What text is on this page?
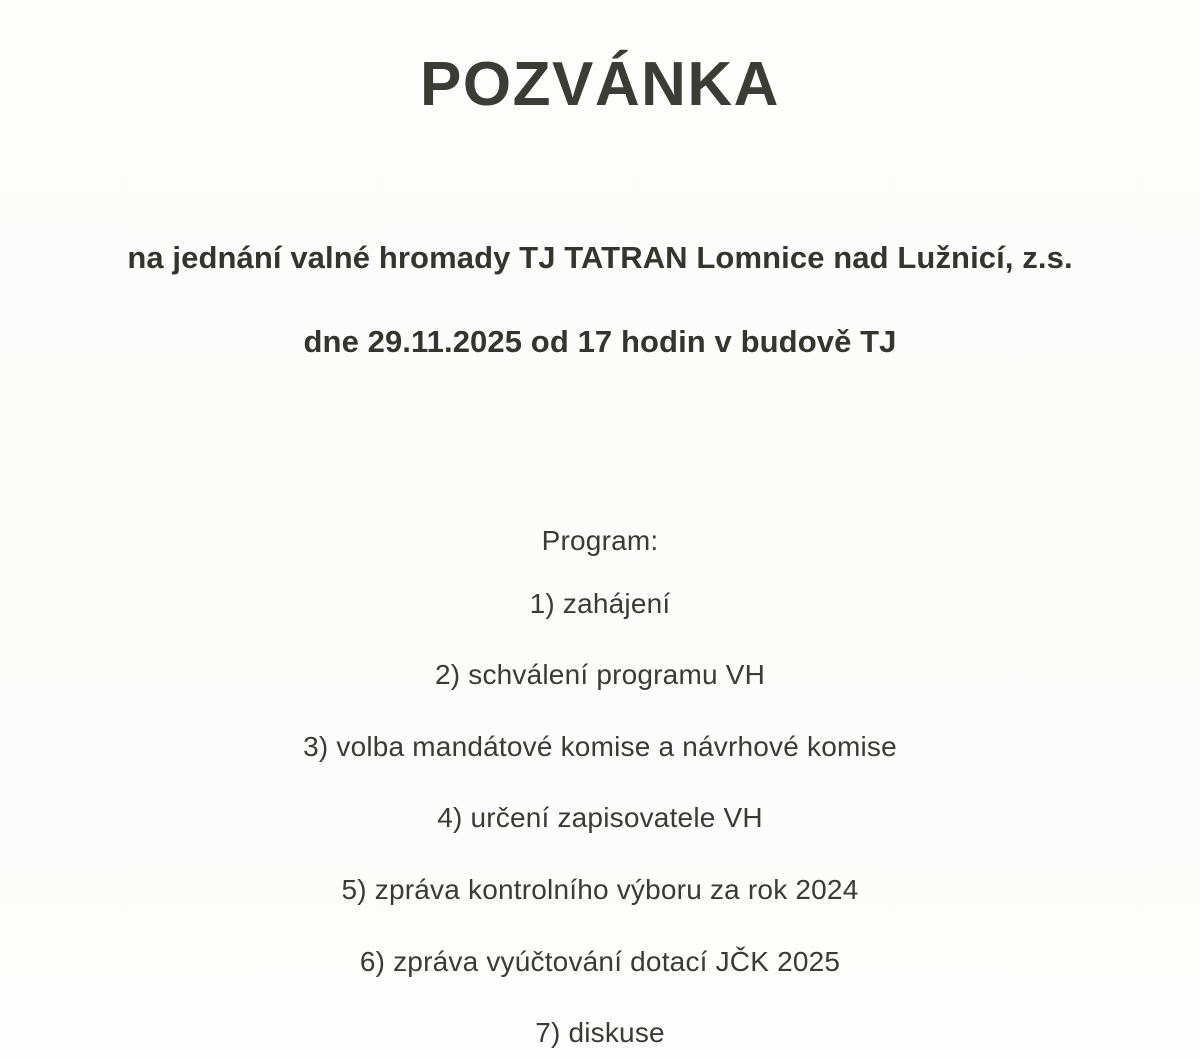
POZVÁNKA
na jednání valné hromady TJ TATRAN Lomnice nad Lužnicí, z.s.
dne 29.11.2025 od 17 hodin v budově TJ
Program:
1) zahájení
2) schválení programu VH
3) volba mandátové komise a návrhové komise
4) určení zapisovatele VH
5) zpráva kontrolního výboru za rok 2024
6) zpráva vyúčtování dotací JČK 2025
7) diskuse
